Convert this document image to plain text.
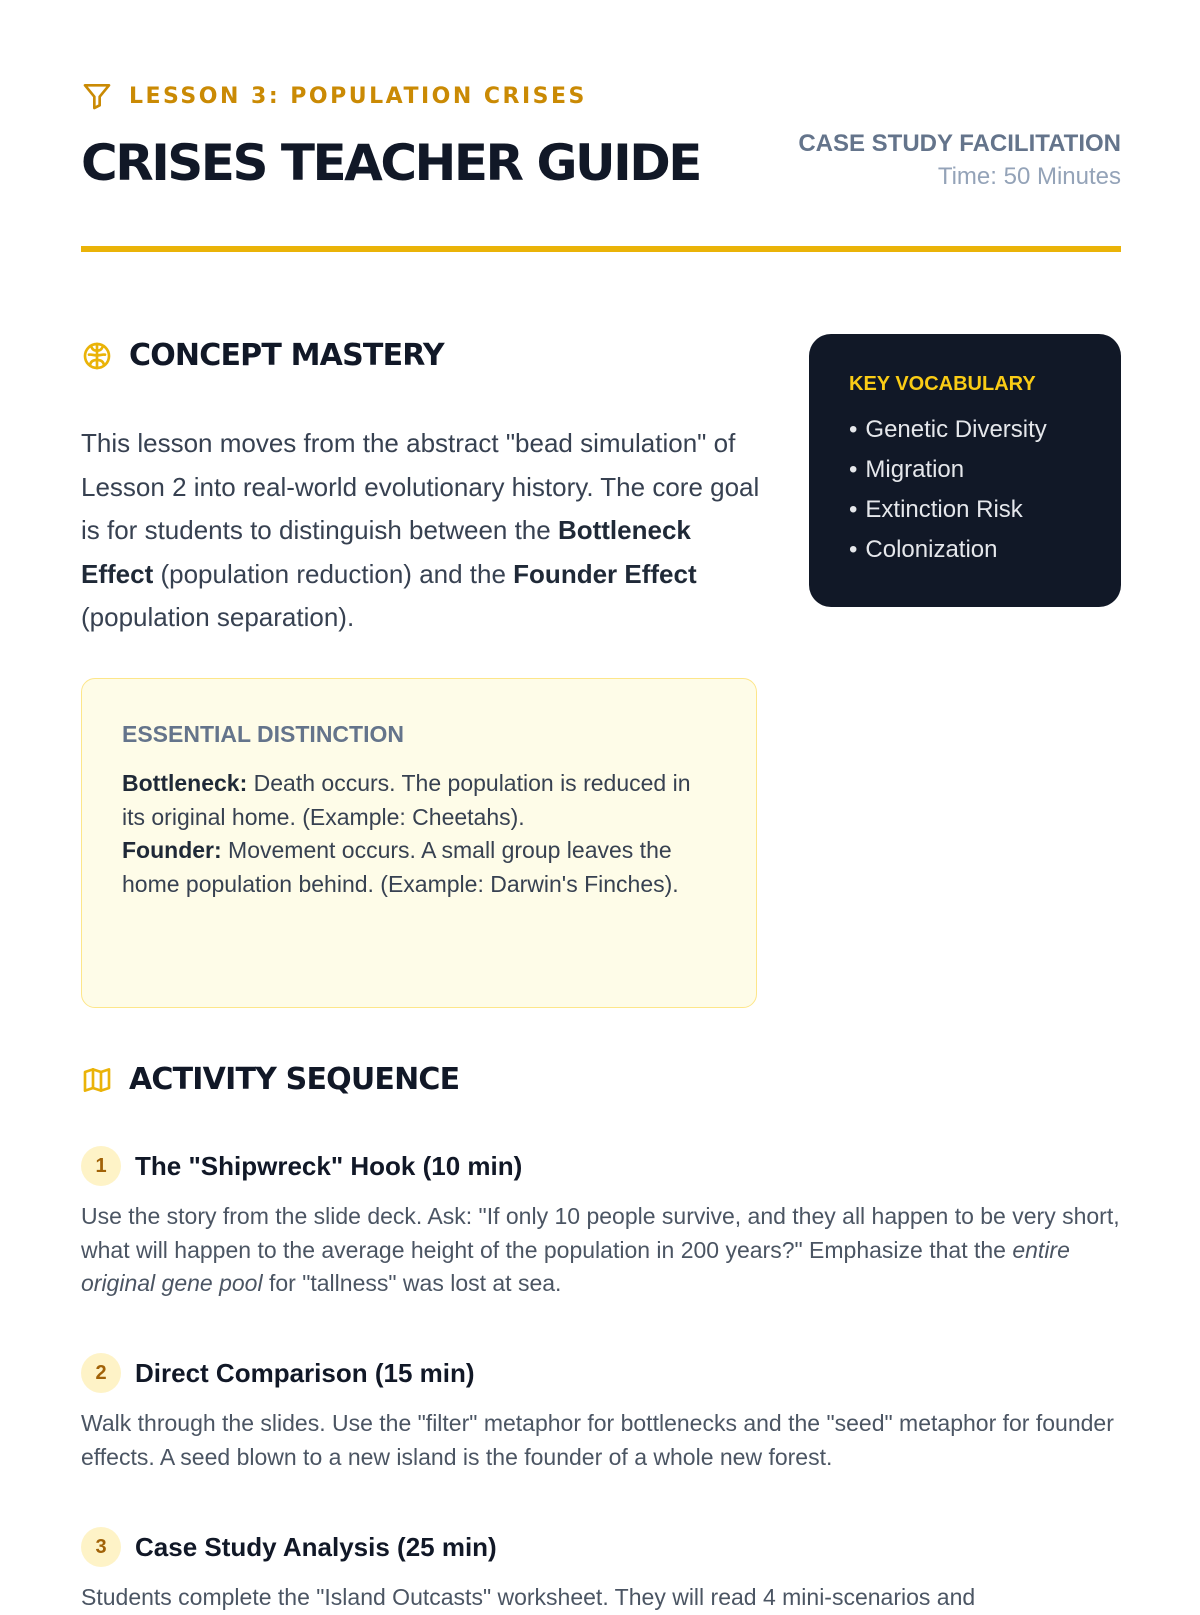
LESSON 3: POPULATION CRISES
CRISES TEACHER GUIDE	CASE STUDY FACILITATION
Time: 50 Minutes
CONCEPT MASTERY

This lesson moves from the abstract "bead simulation" of Lesson 2 into real-world evolutionary history. The core goal is for students to distinguish between the Bottleneck Effect (population reduction) and the Founder Effect (population separation).

ESSENTIAL DISTINCTION

Bottleneck: Death occurs. The population is reduced in its original home. (Example: Cheetahs).

Founder: Movement occurs. A small group leaves the home population behind. (Example: Darwin's Finches).

KEY VOCABULARY
• Genetic Diversity
• Migration
• Extinction Risk
• Colonization
ACTIVITY SEQUENCE
1	The "Shipwreck" Hook (10 min)

Use the story from the slide deck. Ask: "If only 10 people survive, and they all happen to be very short, what will happen to the average height of the population in 200 years?" Emphasize that the entire original gene pool for "tallness" was lost at sea.

2	Direct Comparison (15 min)

Walk through the slides. Use the "filter" metaphor for bottlenecks and the "seed" metaphor for founder effects. A seed blown to a new island is the founder of a whole new forest.

3	Case Study Analysis (25 min)

Students complete the "Island Outcasts" worksheet. They will read 4 mini-scenarios and
